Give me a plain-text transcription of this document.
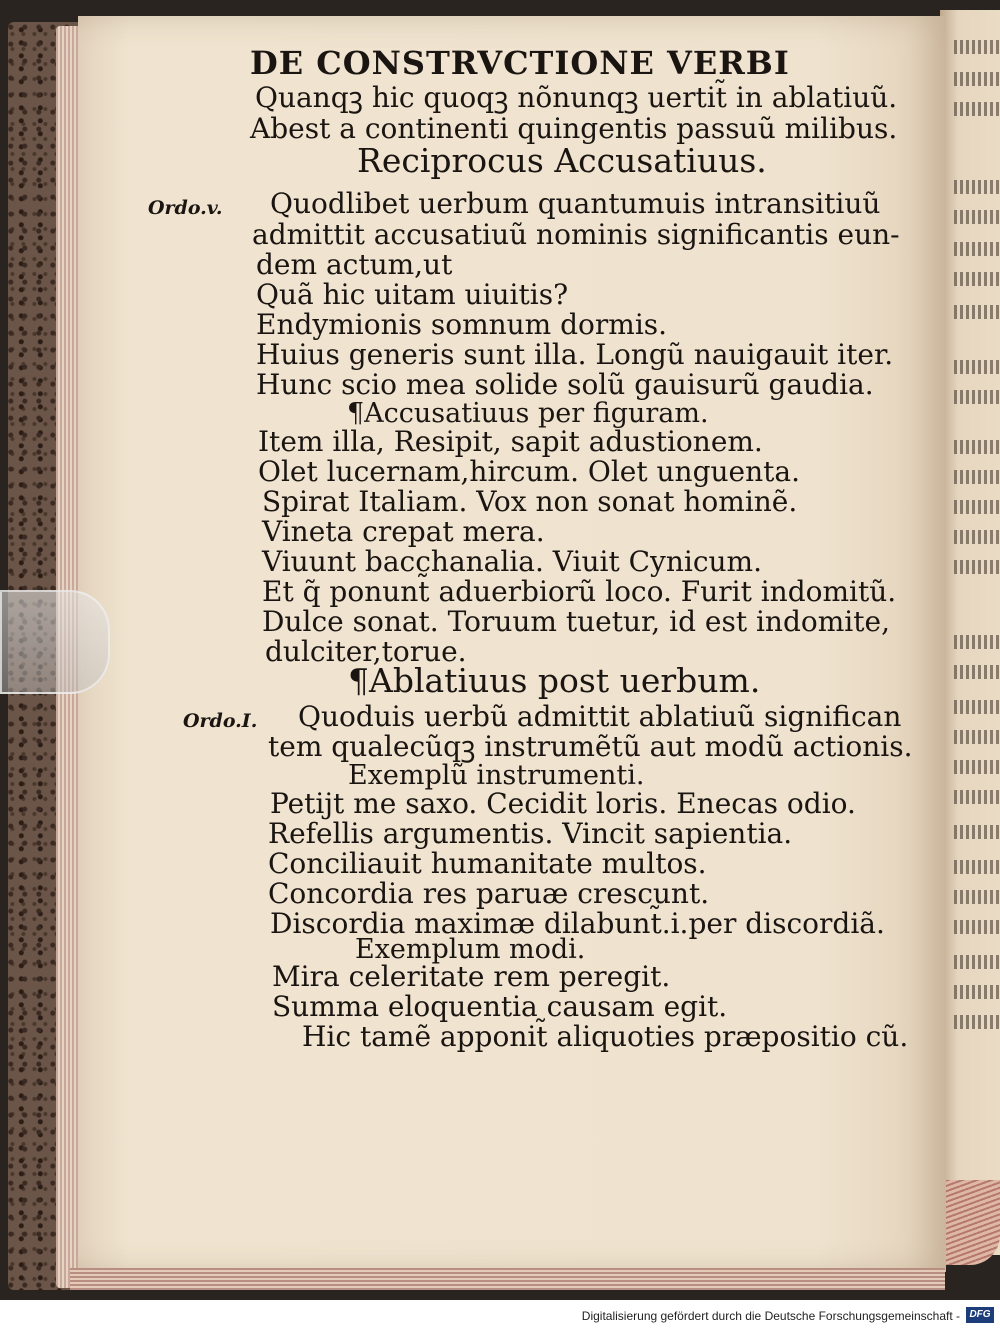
DE CONSTRVCTIONE VERBI
Quanqꝫ hic quoqꝫ nõnunqꝫ uertit̃ in ablatiuũ.
Abest a continenti quingentis passuũ milibus.
Reciprocus Accusatiuus.
Ordo.v. Quodlibet uerbum quantumuis intransitiuũ
admittit accusatiuũ nominis significantis eun-
dem actum,ut
Quã hic uitam uiuitis?
Endymionis somnum dormis.
Huius generis sunt illa. Longũ nauigauit iter.
Hunc scio mea solide solũ gauisurũ gaudia.
¶Accusatiuus per figuram.
Item illa, Resipit, sapit adustionem.
Olet lucernam,hircum. Olet unguenta.
Spirat Italiam. Vox non sonat hominẽ.
Vineta crepat mera.
Viuunt bacchanalia. Viuit Cynicum.
Et q̃ ponunt̃ aduerbiorũ loco. Furit indomitũ.
Dulce sonat. Toruum tuetur, id est indomite,
dulciter,torue.
¶Ablatiuus post uerbum.
Ordo.I. Quoduis uerbũ admittit ablatiuũ significan
tem qualecũqꝫ instrumẽtũ aut modũ actionis.
Exemplũ instrumenti.
Petijt me saxo. Cecidit loris. Enecas odio.
Refellis argumentis. Vincit sapientia.
Conciliauit humanitate multos.
Concordia res paruæ crescunt.
Discordia maximæ dilabunt̃.i.per discordiã.
Exemplum modi.
Mira celeritate rem peregit.
Summa eloquentia causam egit.
Hic tamẽ apponit̃ aliquoties præpositio cũ.
Digitalisierung gefördert durch die Deutsche Forschungsgemeinschaft - DFG
